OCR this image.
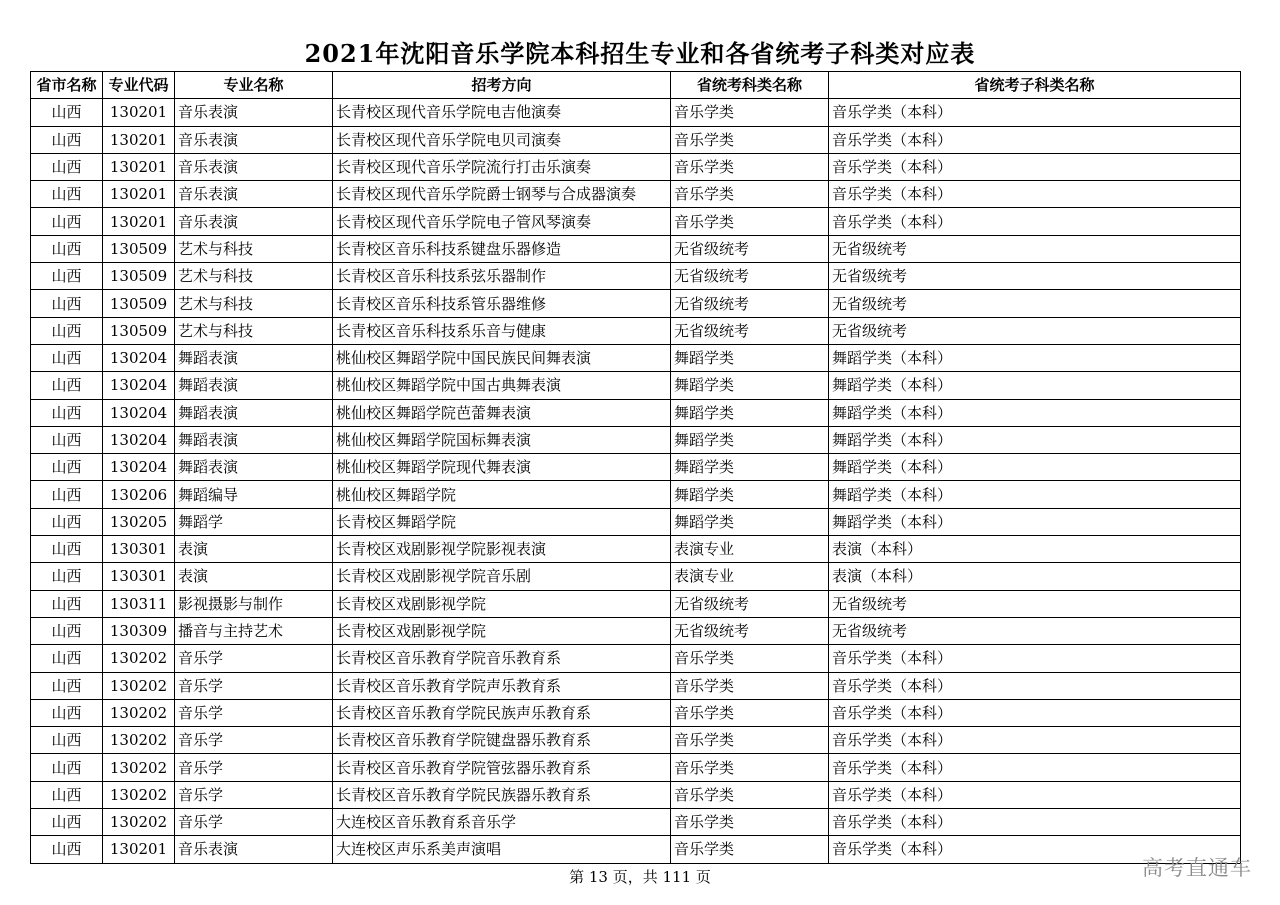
2021年沈阳音乐学院本科招生专业和各省统考子科类对应表
省市名称	专业代码	专业名称	招考方向	省统考科类名称	省统考子科类名称
山西	130201	音乐表演	长青校区现代音乐学院电吉他演奏	音乐学类	音乐学类（本科）
山西	130201	音乐表演	长青校区现代音乐学院电贝司演奏	音乐学类	音乐学类（本科）
山西	130201	音乐表演	长青校区现代音乐学院流行打击乐演奏	音乐学类	音乐学类（本科）
山西	130201	音乐表演	长青校区现代音乐学院爵士钢琴与合成器演奏	音乐学类	音乐学类（本科）
山西	130201	音乐表演	长青校区现代音乐学院电子管风琴演奏	音乐学类	音乐学类（本科）
山西	130509	艺术与科技	长青校区音乐科技系键盘乐器修造	无省级统考	无省级统考
山西	130509	艺术与科技	长青校区音乐科技系弦乐器制作	无省级统考	无省级统考
山西	130509	艺术与科技	长青校区音乐科技系管乐器维修	无省级统考	无省级统考
山西	130509	艺术与科技	长青校区音乐科技系乐音与健康	无省级统考	无省级统考
山西	130204	舞蹈表演	桃仙校区舞蹈学院中国民族民间舞表演	舞蹈学类	舞蹈学类（本科）
山西	130204	舞蹈表演	桃仙校区舞蹈学院中国古典舞表演	舞蹈学类	舞蹈学类（本科）
山西	130204	舞蹈表演	桃仙校区舞蹈学院芭蕾舞表演	舞蹈学类	舞蹈学类（本科）
山西	130204	舞蹈表演	桃仙校区舞蹈学院国标舞表演	舞蹈学类	舞蹈学类（本科）
山西	130204	舞蹈表演	桃仙校区舞蹈学院现代舞表演	舞蹈学类	舞蹈学类（本科）
山西	130206	舞蹈编导	桃仙校区舞蹈学院	舞蹈学类	舞蹈学类（本科）
山西	130205	舞蹈学	长青校区舞蹈学院	舞蹈学类	舞蹈学类（本科）
山西	130301	表演	长青校区戏剧影视学院影视表演	表演专业	表演（本科）
山西	130301	表演	长青校区戏剧影视学院音乐剧	表演专业	表演（本科）
山西	130311	影视摄影与制作	长青校区戏剧影视学院	无省级统考	无省级统考
山西	130309	播音与主持艺术	长青校区戏剧影视学院	无省级统考	无省级统考
山西	130202	音乐学	长青校区音乐教育学院音乐教育系	音乐学类	音乐学类（本科）
山西	130202	音乐学	长青校区音乐教育学院声乐教育系	音乐学类	音乐学类（本科）
山西	130202	音乐学	长青校区音乐教育学院民族声乐教育系	音乐学类	音乐学类（本科）
山西	130202	音乐学	长青校区音乐教育学院键盘器乐教育系	音乐学类	音乐学类（本科）
山西	130202	音乐学	长青校区音乐教育学院管弦器乐教育系	音乐学类	音乐学类（本科）
山西	130202	音乐学	长青校区音乐教育学院民族器乐教育系	音乐学类	音乐学类（本科）
山西	130202	音乐学	大连校区音乐教育系音乐学	音乐学类	音乐学类（本科）
山西	130201	音乐表演	大连校区声乐系美声演唱	音乐学类	音乐学类（本科）
第 13 页，共 111 页	高考直通车
